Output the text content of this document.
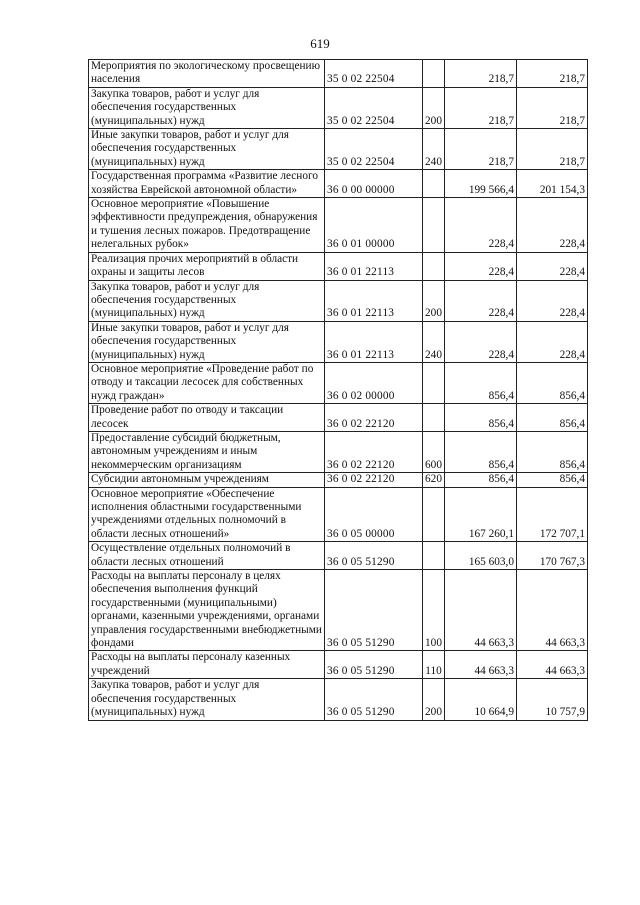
619
Мероприятия по экологическому просвещению населения	35 0 02 22504		218,7	218,7
Закупка товаров, работ и услуг для обеспечения государственных (муниципальных) нужд	35 0 02 22504	200	218,7	218,7
Иные закупки товаров, работ и услуг для обеспечения государственных (муниципальных) нужд	35 0 02 22504	240	218,7	218,7
Государственная программа «Развитие лесного хозяйства Еврейской автономной области»	36 0 00 00000		199 566,4	201 154,3
Основное мероприятие «Повышение эффективности предупреждения, обнаружения и тушения лесных пожаров. Предотвращение нелегальных рубок»	36 0 01 00000		228,4	228,4
Реализация прочих мероприятий в области охраны и защиты лесов	36 0 01 22113		228,4	228,4
Закупка товаров, работ и услуг для обеспечения государственных (муниципальных) нужд	36 0 01 22113	200	228,4	228,4
Иные закупки товаров, работ и услуг для обеспечения государственных (муниципальных) нужд	36 0 01 22113	240	228,4	228,4
Основное мероприятие «Проведение работ по отводу и таксации лесосек для собственных нужд граждан»	36 0 02 00000		856,4	856,4
Проведение работ по отводу и таксации лесосек	36 0 02 22120		856,4	856,4
Предоставление субсидий бюджетным, автономным учреждениям и иным некоммерческим организациям	36 0 02 22120	600	856,4	856,4
Субсидии автономным учреждениям	36 0 02 22120	620	856,4	856,4
Основное мероприятие «Обеспечение исполнения областными государственными учреждениями отдельных полномочий в области лесных отношений»	36 0 05 00000		167 260,1	172 707,1
Осуществление отдельных полномочий в области лесных отношений	36 0 05 51290		165 603,0	170 767,3
Расходы на выплаты персоналу в целях обеспечения выполнения функций государственными (муниципальными) органами, казенными учреждениями, органами управления государственными внебюджетными фондами	36 0 05 51290	100	44 663,3	44 663,3
Расходы на выплаты персоналу казенных учреждений	36 0 05 51290	110	44 663,3	44 663,3
Закупка товаров, работ и услуг для обеспечения государственных (муниципальных) нужд	36 0 05 51290	200	10 664,9	10 757,9
